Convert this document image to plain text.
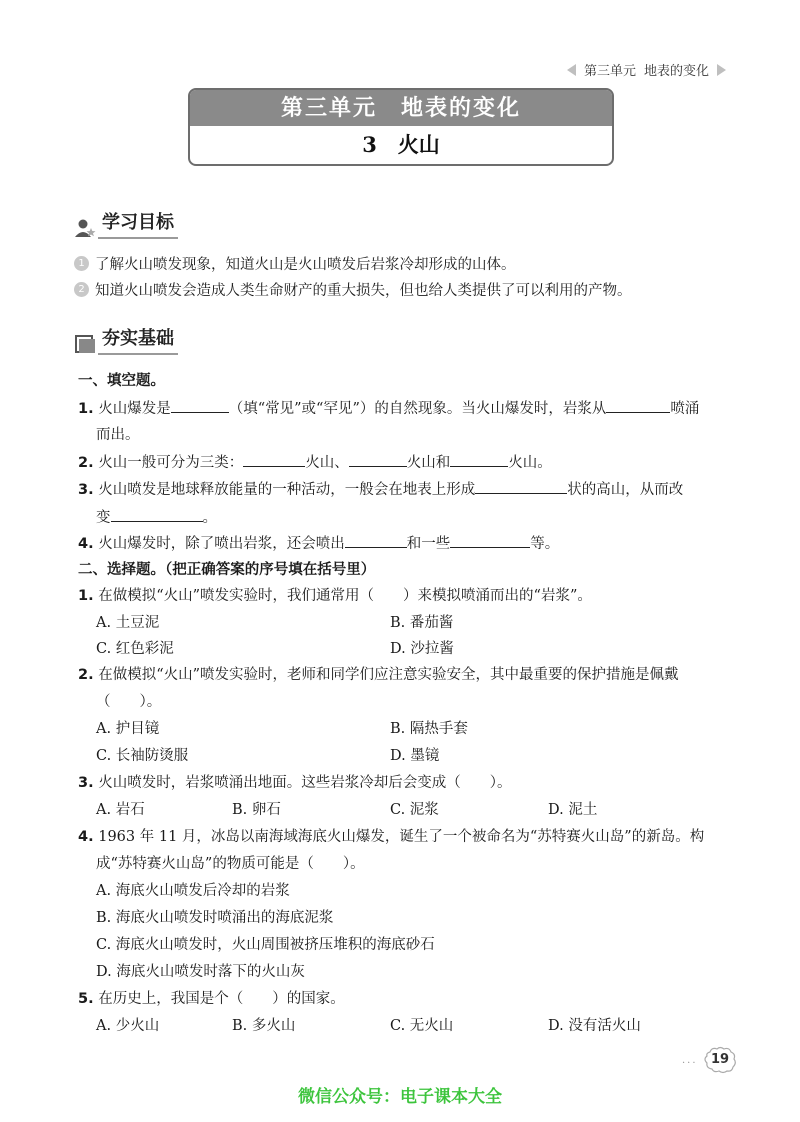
第三单元 地表的变化
第三单元　地表的变化
3　火山
学习目标
1 了解火山喷发现象，知道火山是火山喷发后岩浆冷却形成的山体。
2 知道火山喷发会造成人类生命财产的重大损失，但也给人类提供了可以利用的产物。
夯实基础
一、填空题。
1. 火山爆发是	（填“常见”或“罕见”）的自然现象。当火山爆发时，岩浆从	喷涌
而出。
2. 火山一般可分为三类：	火山、	火山和	火山。
3. 火山喷发是地球释放能量的一种活动，一般会在地表上形成	状的高山，从而改
变	。
4. 火山爆发时，除了喷出岩浆，还会喷出	和一些	等。
二、选择题。（把正确答案的序号填在括号里）
1. 在做模拟“火山”喷发实验时，我们通常用（　　）来模拟喷涌而出的“岩浆”。
A. 土豆泥	B. 番茄酱
C. 红色彩泥	D. 沙拉酱
2. 在做模拟“火山”喷发实验时，老师和同学们应注意实验安全，其中最重要的保护措施是佩戴
（　　）。
A. 护目镜	B. 隔热手套
C. 长袖防烫服	D. 墨镜
3. 火山喷发时，岩浆喷涌出地面。这些岩浆冷却后会变成（　　）。
A. 岩石	B. 卵石	C. 泥浆	D. 泥土
4. 1963 年 11 月，冰岛以南海域海底火山爆发，诞生了一个被命名为“苏特赛火山岛”的新岛。构
成“苏特赛火山岛”的物质可能是（　　）。
A. 海底火山喷发后冷却的岩浆
B. 海底火山喷发时喷涌出的海底泥浆
C. 海底火山喷发时，火山周围被挤压堆积的海底砂石
D. 海底火山喷发时落下的火山灰
5. 在历史上，我国是个（　　）的国家。
A. 少火山	B. 多火山	C. 无火山	D. 没有活火山
···	19
微信公众号：电子课本大全
